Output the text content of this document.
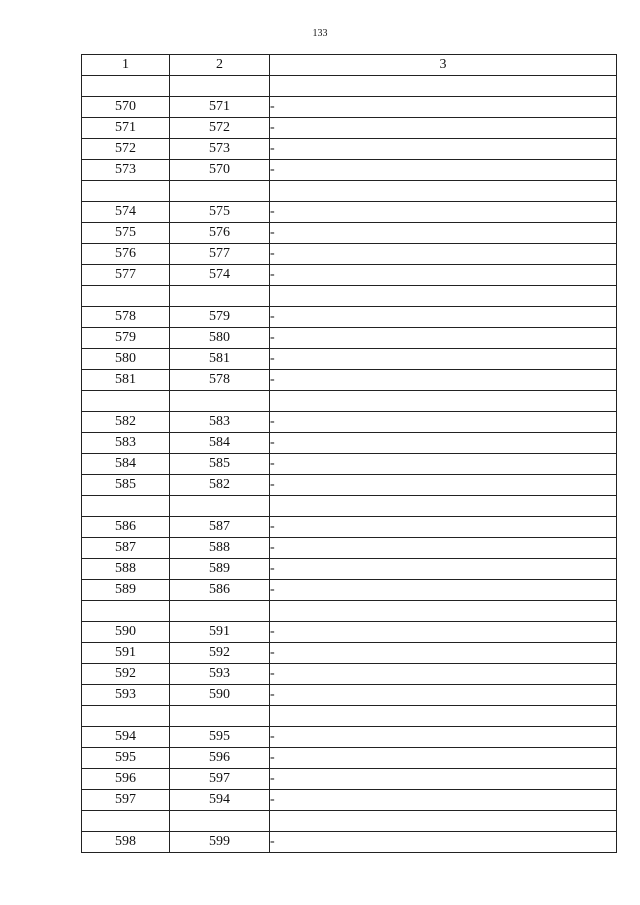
133
1	2	3

570	571	-
571	572	-
572	573	-
573	570	-

574	575	-
575	576	-
576	577	-
577	574	-

578	579	-
579	580	-
580	581	-
581	578	-

582	583	-
583	584	-
584	585	-
585	582	-

586	587	-
587	588	-
588	589	-
589	586	-

590	591	-
591	592	-
592	593	-
593	590	-

594	595	-
595	596	-
596	597	-
597	594	-

598	599	-
